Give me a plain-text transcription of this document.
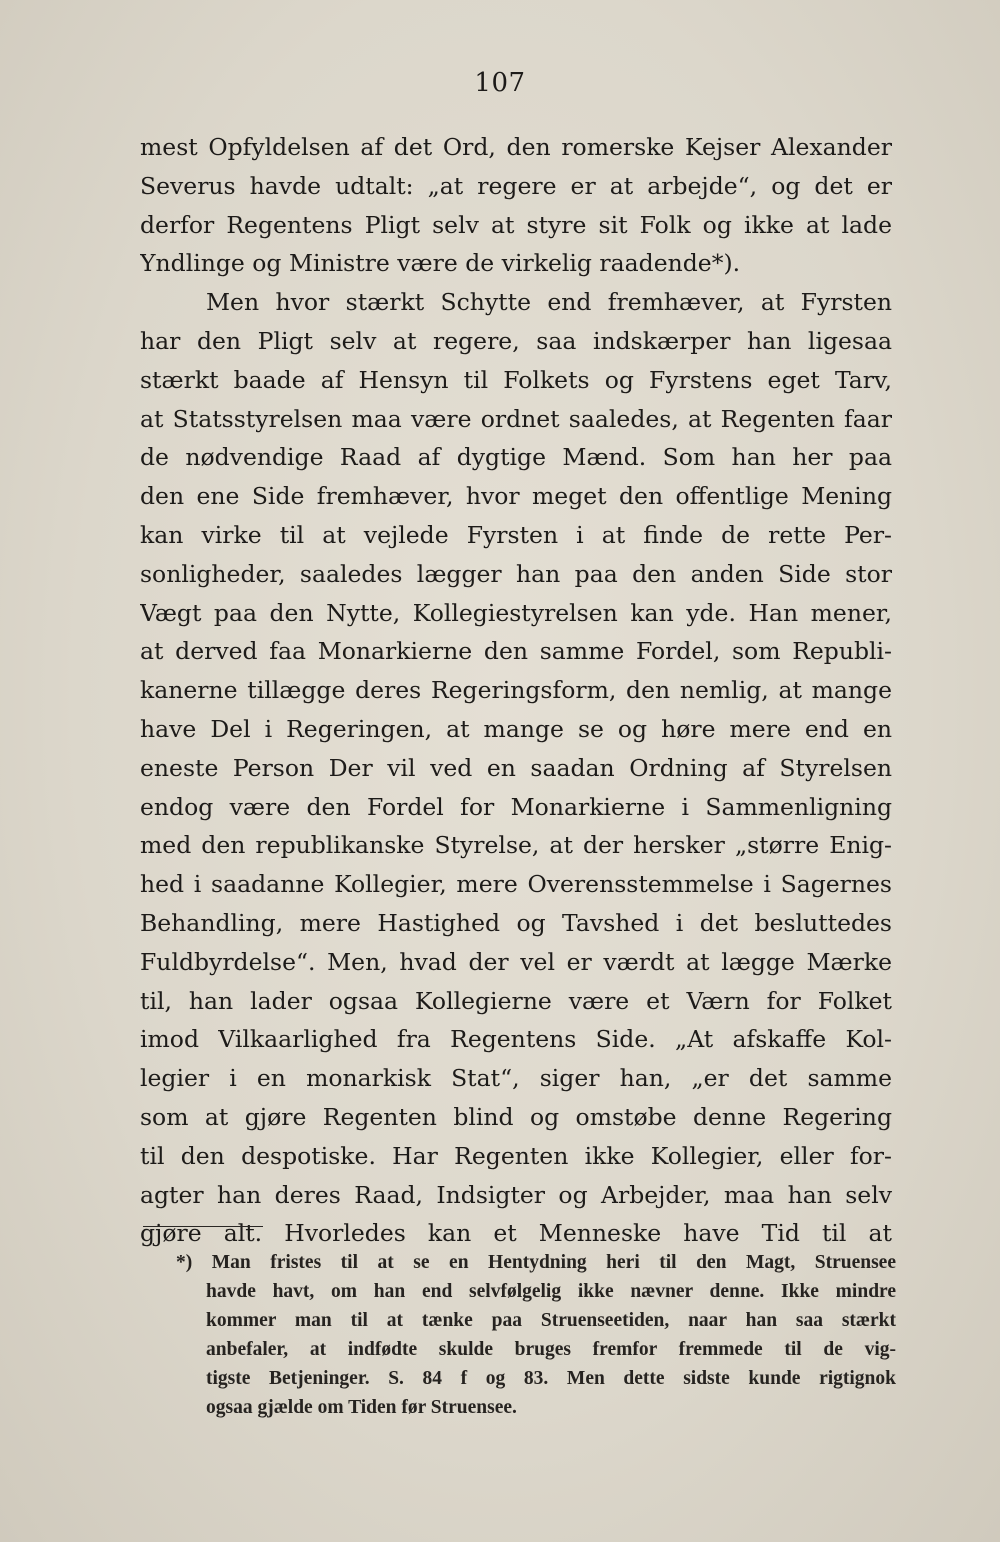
107
mest Opfyldelsen af det Ord, den romerske Kejser Alexander
Severus havde udtalt: „at regere er at arbejde“, og det er
derfor Regentens Pligt selv at styre sit Folk og ikke at lade
Yndlinge og Ministre være de virkelig raadende*).
Men hvor stærkt Schytte end fremhæver, at Fyrsten
har den Pligt selv at regere, saa indskærper han ligesaa
stærkt baade af Hensyn til Folkets og Fyrstens eget Tarv,
at Statsstyrelsen maa være ordnet saaledes, at Regenten faar
de nødvendige Raad af dygtige Mænd. Som han her paa
den ene Side fremhæver, hvor meget den offentlige Mening
kan virke til at vejlede Fyrsten i at finde de rette Per-
sonligheder, saaledes lægger han paa den anden Side stor
Vægt paa den Nytte, Kollegiestyrelsen kan yde. Han mener,
at derved faa Monarkierne den samme Fordel, som Republi-
kanerne tillægge deres Regeringsform, den nemlig, at mange
have Del i Regeringen, at mange se og høre mere end en
eneste Person Der vil ved en saadan Ordning af Styrelsen
endog være den Fordel for Monarkierne i Sammenligning
med den republikanske Styrelse, at der hersker „større Enig-
hed i saadanne Kollegier, mere Overensstemmelse i Sagernes
Behandling, mere Hastighed og Tavshed i det besluttedes
Fuldbyrdelse“. Men, hvad der vel er værdt at lægge Mærke
til, han lader ogsaa Kollegierne være et Værn for Folket
imod Vilkaarlighed fra Regentens Side. „At afskaffe Kol-
legier i en monarkisk Stat“, siger han, „er det samme
som at gjøre Regenten blind og omstøbe denne Regering
til den despotiske. Har Regenten ikke Kollegier, eller for-
agter han deres Raad, Indsigter og Arbejder, maa han selv
gjøre alt. Hvorledes kan et Menneske have Tid til at
*) Man fristes til at se en Hentydning heri til den Magt, Struensee
havde havt, om han end selvfølgelig ikke nævner denne. Ikke mindre
kommer man til at tænke paa Struenseetiden, naar han saa stærkt
anbefaler, at indfødte skulde bruges fremfor fremmede til de vig-
tigste Betjeninger. S. 84 f og 83. Men dette sidste kunde rigtignok
ogsaa gjælde om Tiden før Struensee.
